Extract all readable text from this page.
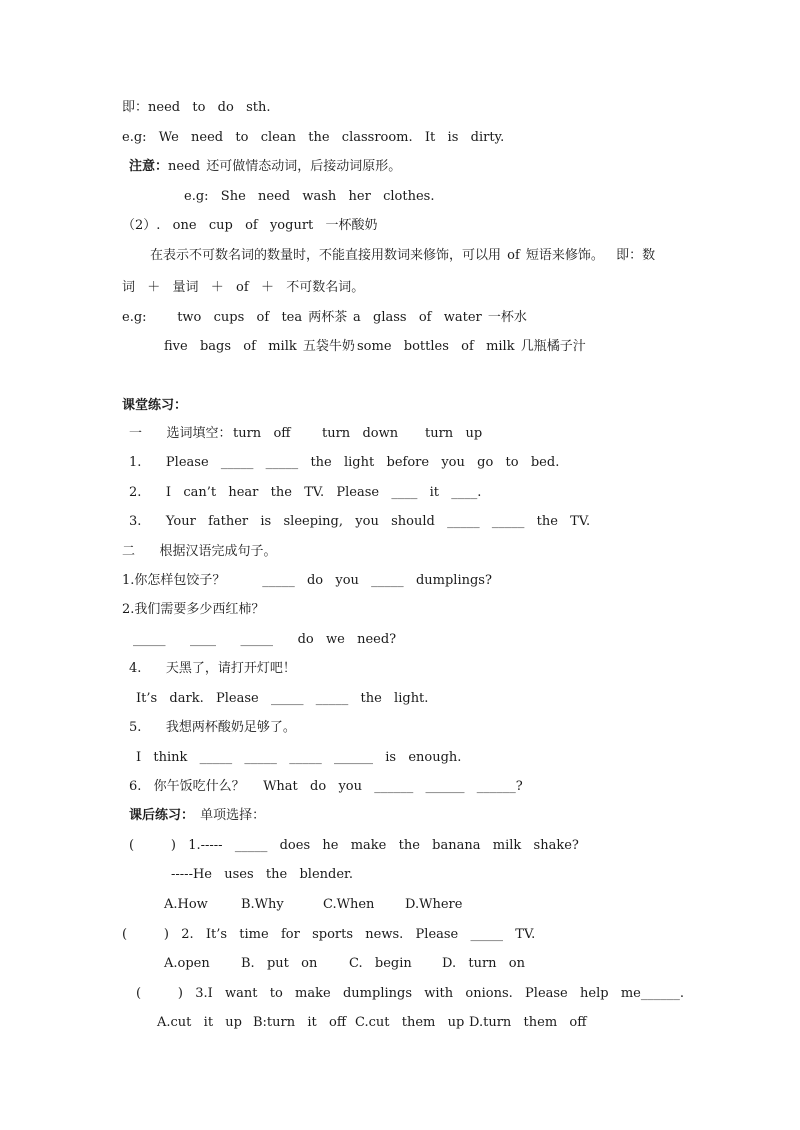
即：need  to  do  sth.
e.g:  We  need  to  clean  the  classroom.  It  is  dirty.
注意：need 还可做情态动词，后接动词原形。
e.g:  She  need  wash  her  clothes.
（2）.  one  cup  of  yogurt  一杯酸奶
在表示不可数名词的数量时，不能直接用数词来修饰，可以用 of 短语来修饰。  即：数
词  ＋  量词  ＋  of  ＋  不可数名词。
e.g:     two  cups  of  tea 两杯茶 a  glass  of  water 一杯水
five  bags  of  milk 五袋牛奶 some  bottles  of  milk 几瓶橘子汁
课堂练习：
一    选词填空： turn  off turn  down turn  up
1.    Please  _____  _____  the  light  before  you  go  to  bed.
2.    I  can’t  hear  the  TV.  Please  ____  it  ____.
3.    Your  father  is  sleeping,  you  should  _____  _____  the  TV.
二    根据汉语完成句子。
1.你怎样包饺子？      _____  do  you  _____  dumplings?
2.我们需要多少西红柿？
_____    ____    _____    do  we  need?
4.    天黑了，请打开灯吧！
It’s  dark.  Please  _____  _____  the  light.
5.    我想两杯酸奶足够了。
I  think  _____  _____  _____  ______  is  enough.
6.  你午饭吃什么？   What  do  you  ______  ______  ______?
课后练习： 单项选择：
(      )  1.-----  _____  does  he  make  the  banana  milk  shake?
-----He  uses  the  blender.
A.How	B.Why	C.When D.Where
(      )  2.  It’s  time  for  sports  news.  Please  _____  TV.
A.open B.  put  on C.  begin D.  turn  on
(      )  3.I  want  to  make  dumplings  with  onions.  Please  help  me______.
A.cut  it  up B:turn  it  off C.cut  them  up D.turn  them  off
